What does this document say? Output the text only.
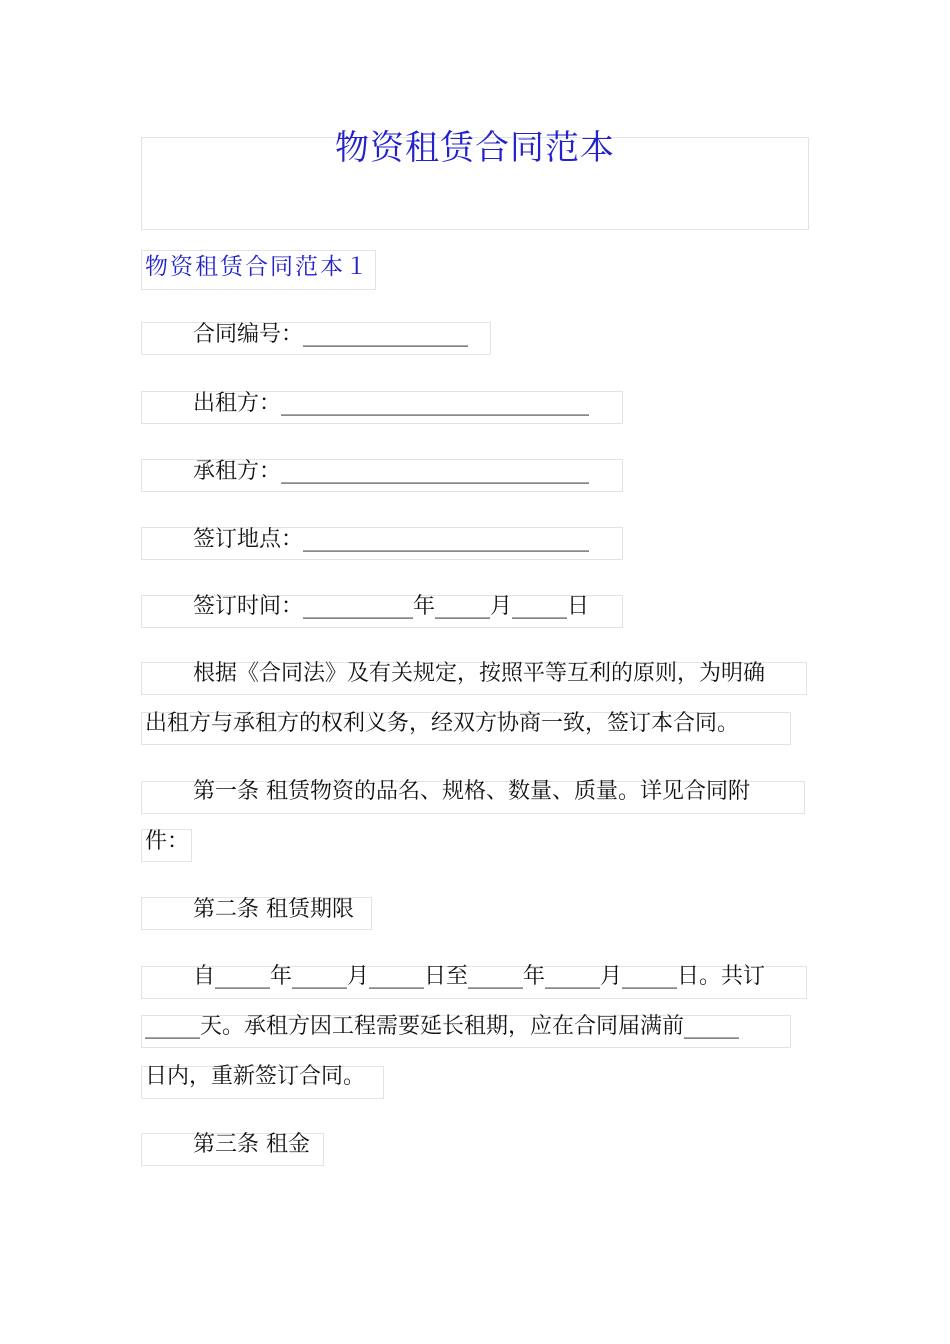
物资租赁合同范本
物资租赁合同范本１
合同编号：_______________
出租方：____________________________
承租方：____________________________
签订地点：__________________________
签订时间：__________年_____月_____日
根据《合同法》及有关规定，按照平等互利的原则，为明确
出租方与承租方的权利义务，经双方协商一致，签订本合同。
第一条 租赁物资的品名、规格、数量、质量。详见合同附
件：
第二条 租赁期限
自_____年_____月_____日至_____年_____月_____日。共订
_____天。承租方因工程需要延长租期，应在合同届满前_____
日内，重新签订合同。
第三条 租金
